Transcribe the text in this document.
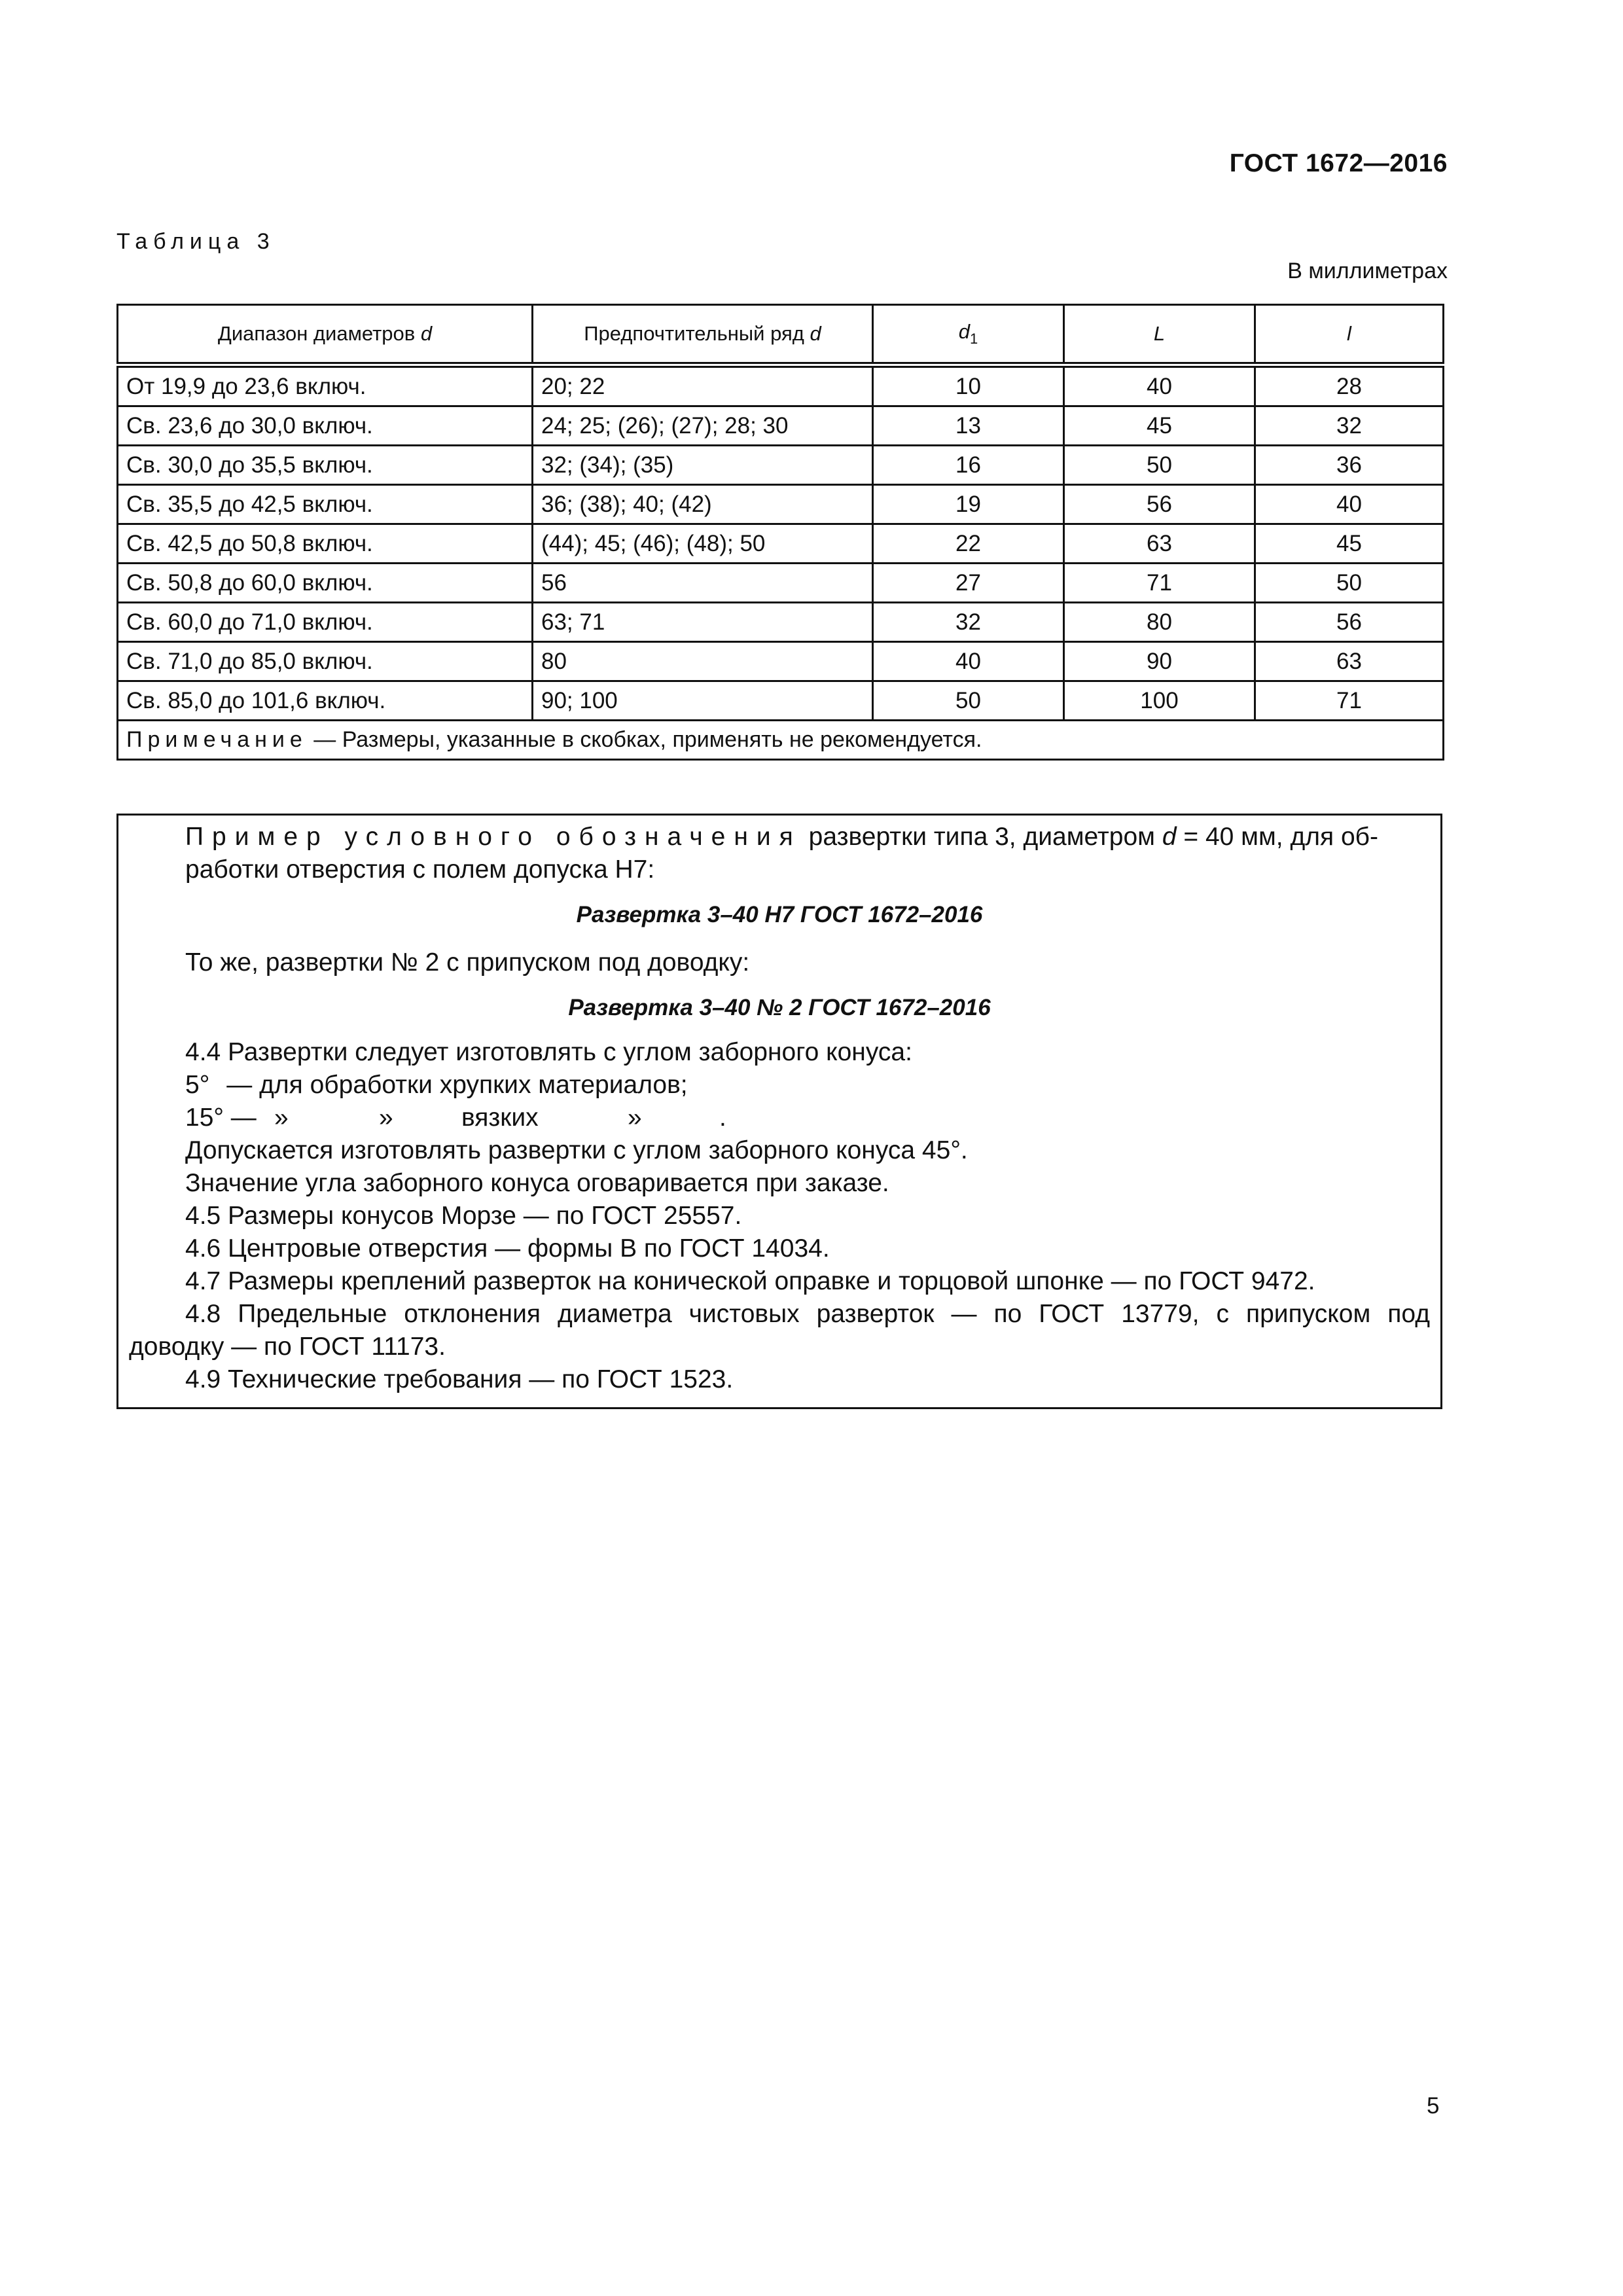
ГОСТ 1672—2016
Таблица 3
В миллиметрах
Диапазон диаметров d	Предпочтительный ряд d	$d_1$	L	l
От 19,9 до 23,6 включ.	20; 22	10	40	28
Св. 23,6 до 30,0 включ.	24; 25; (26); (27); 28; 30	13	45	32
Св. 30,0 до 35,5 включ.	32; (34); (35)	16	50	36
Св. 35,5 до 42,5 включ.	36; (38); 40; (42)	19	56	40
Св. 42,5 до 50,8 включ.	(44); 45; (46); (48); 50	22	63	45
Св. 50,8 до 60,0 включ.	56	27	71	50
Св. 60,0 до 71,0 включ.	63; 71	32	80	56
Св. 71,0 до 85,0 включ.	80	40	90	63
Св. 85,0 до 101,6 включ.	90; 100	50	100	71
Примечание — Размеры, указанные в скобках, применять не рекомендуется.				
Пример условного обозначения развертки типа 3, диаметром d = 40 мм, для об-
работки отверстия с полем допуска Н7:
Развертка 3–40 Н7 ГОСТ 1672–2016
То же, развертки № 2 с припуском под доводку:
Развертка 3–40 № 2 ГОСТ 1672–2016
4.4 Развертки следует изготовлять с углом заборного конуса:
5° — для обработки хрупких материалов;
15° — »	»	вязких	»	.
Допускается изготовлять развертки с углом заборного конуса 45°.
Значение угла заборного конуса оговаривается при заказе.
4.5 Размеры конусов Морзе — по ГОСТ 25557.
4.6 Центровые отверстия — формы В по ГОСТ 14034.
4.7 Размеры креплений разверток на конической оправке и торцовой шпонке — по ГОСТ 9472.
4.8 Предельные отклонения диаметра чистовых разверток — по ГОСТ 13779, с припуском под
доводку — по ГОСТ 11173.
4.9 Технические требования — по ГОСТ 1523.
5
